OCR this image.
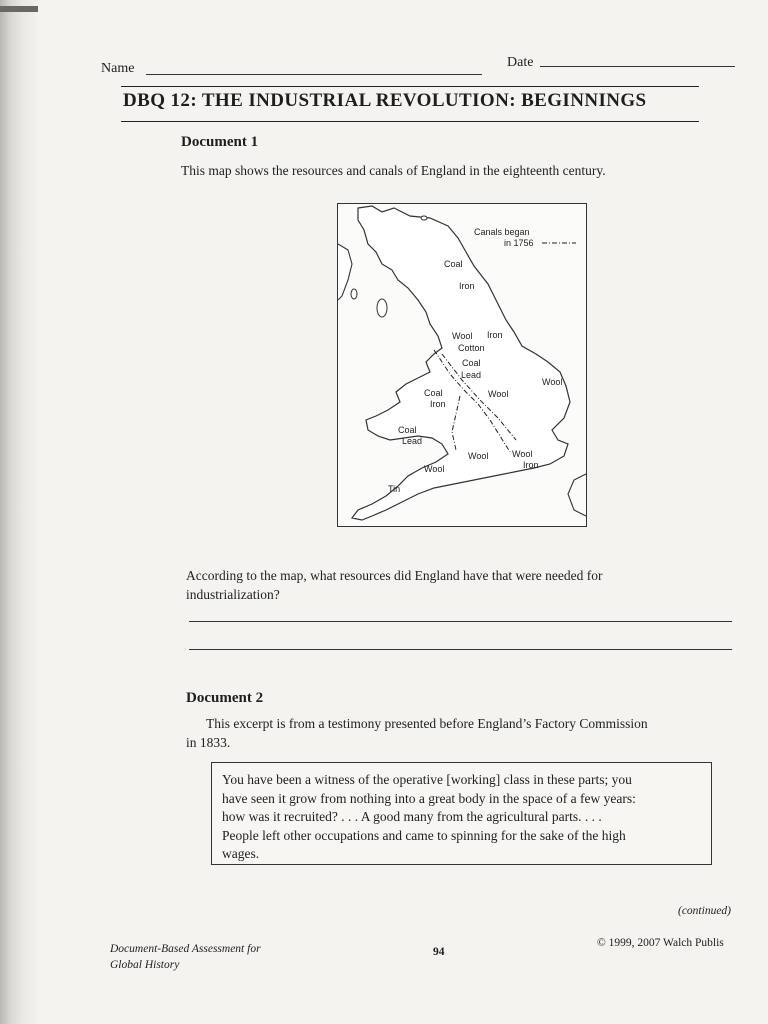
Name	Date
DBQ 12: THE INDUSTRIAL REVOLUTION: BEGINNINGS
Document 1
This map shows the resources and canals of England in the eighteenth century.
Canals began
in 1756
Coal
Iron
Wool Iron
Cotton
Coal
Lead
Wool
Wool
Coal
Iron
Coal
Lead
Wool	Wool
Iron
Wool
Tin
According to the map, what resources did England have that were needed for
industrialization?
Document 2
This excerpt is from a testimony presented before England’s Factory Commission
in 1833.
You have been a witness of the operative [working] class in these parts; you
have seen it grow from nothing into a great body in the space of a few years:
how was it recruited? . . . A good many from the agricultural parts. . . .
People left other occupations and came to spinning for the sake of the high
wages.
(continued)
Document-Based Assessment for
Global History
94
© 1999, 2007 Walch Publis
